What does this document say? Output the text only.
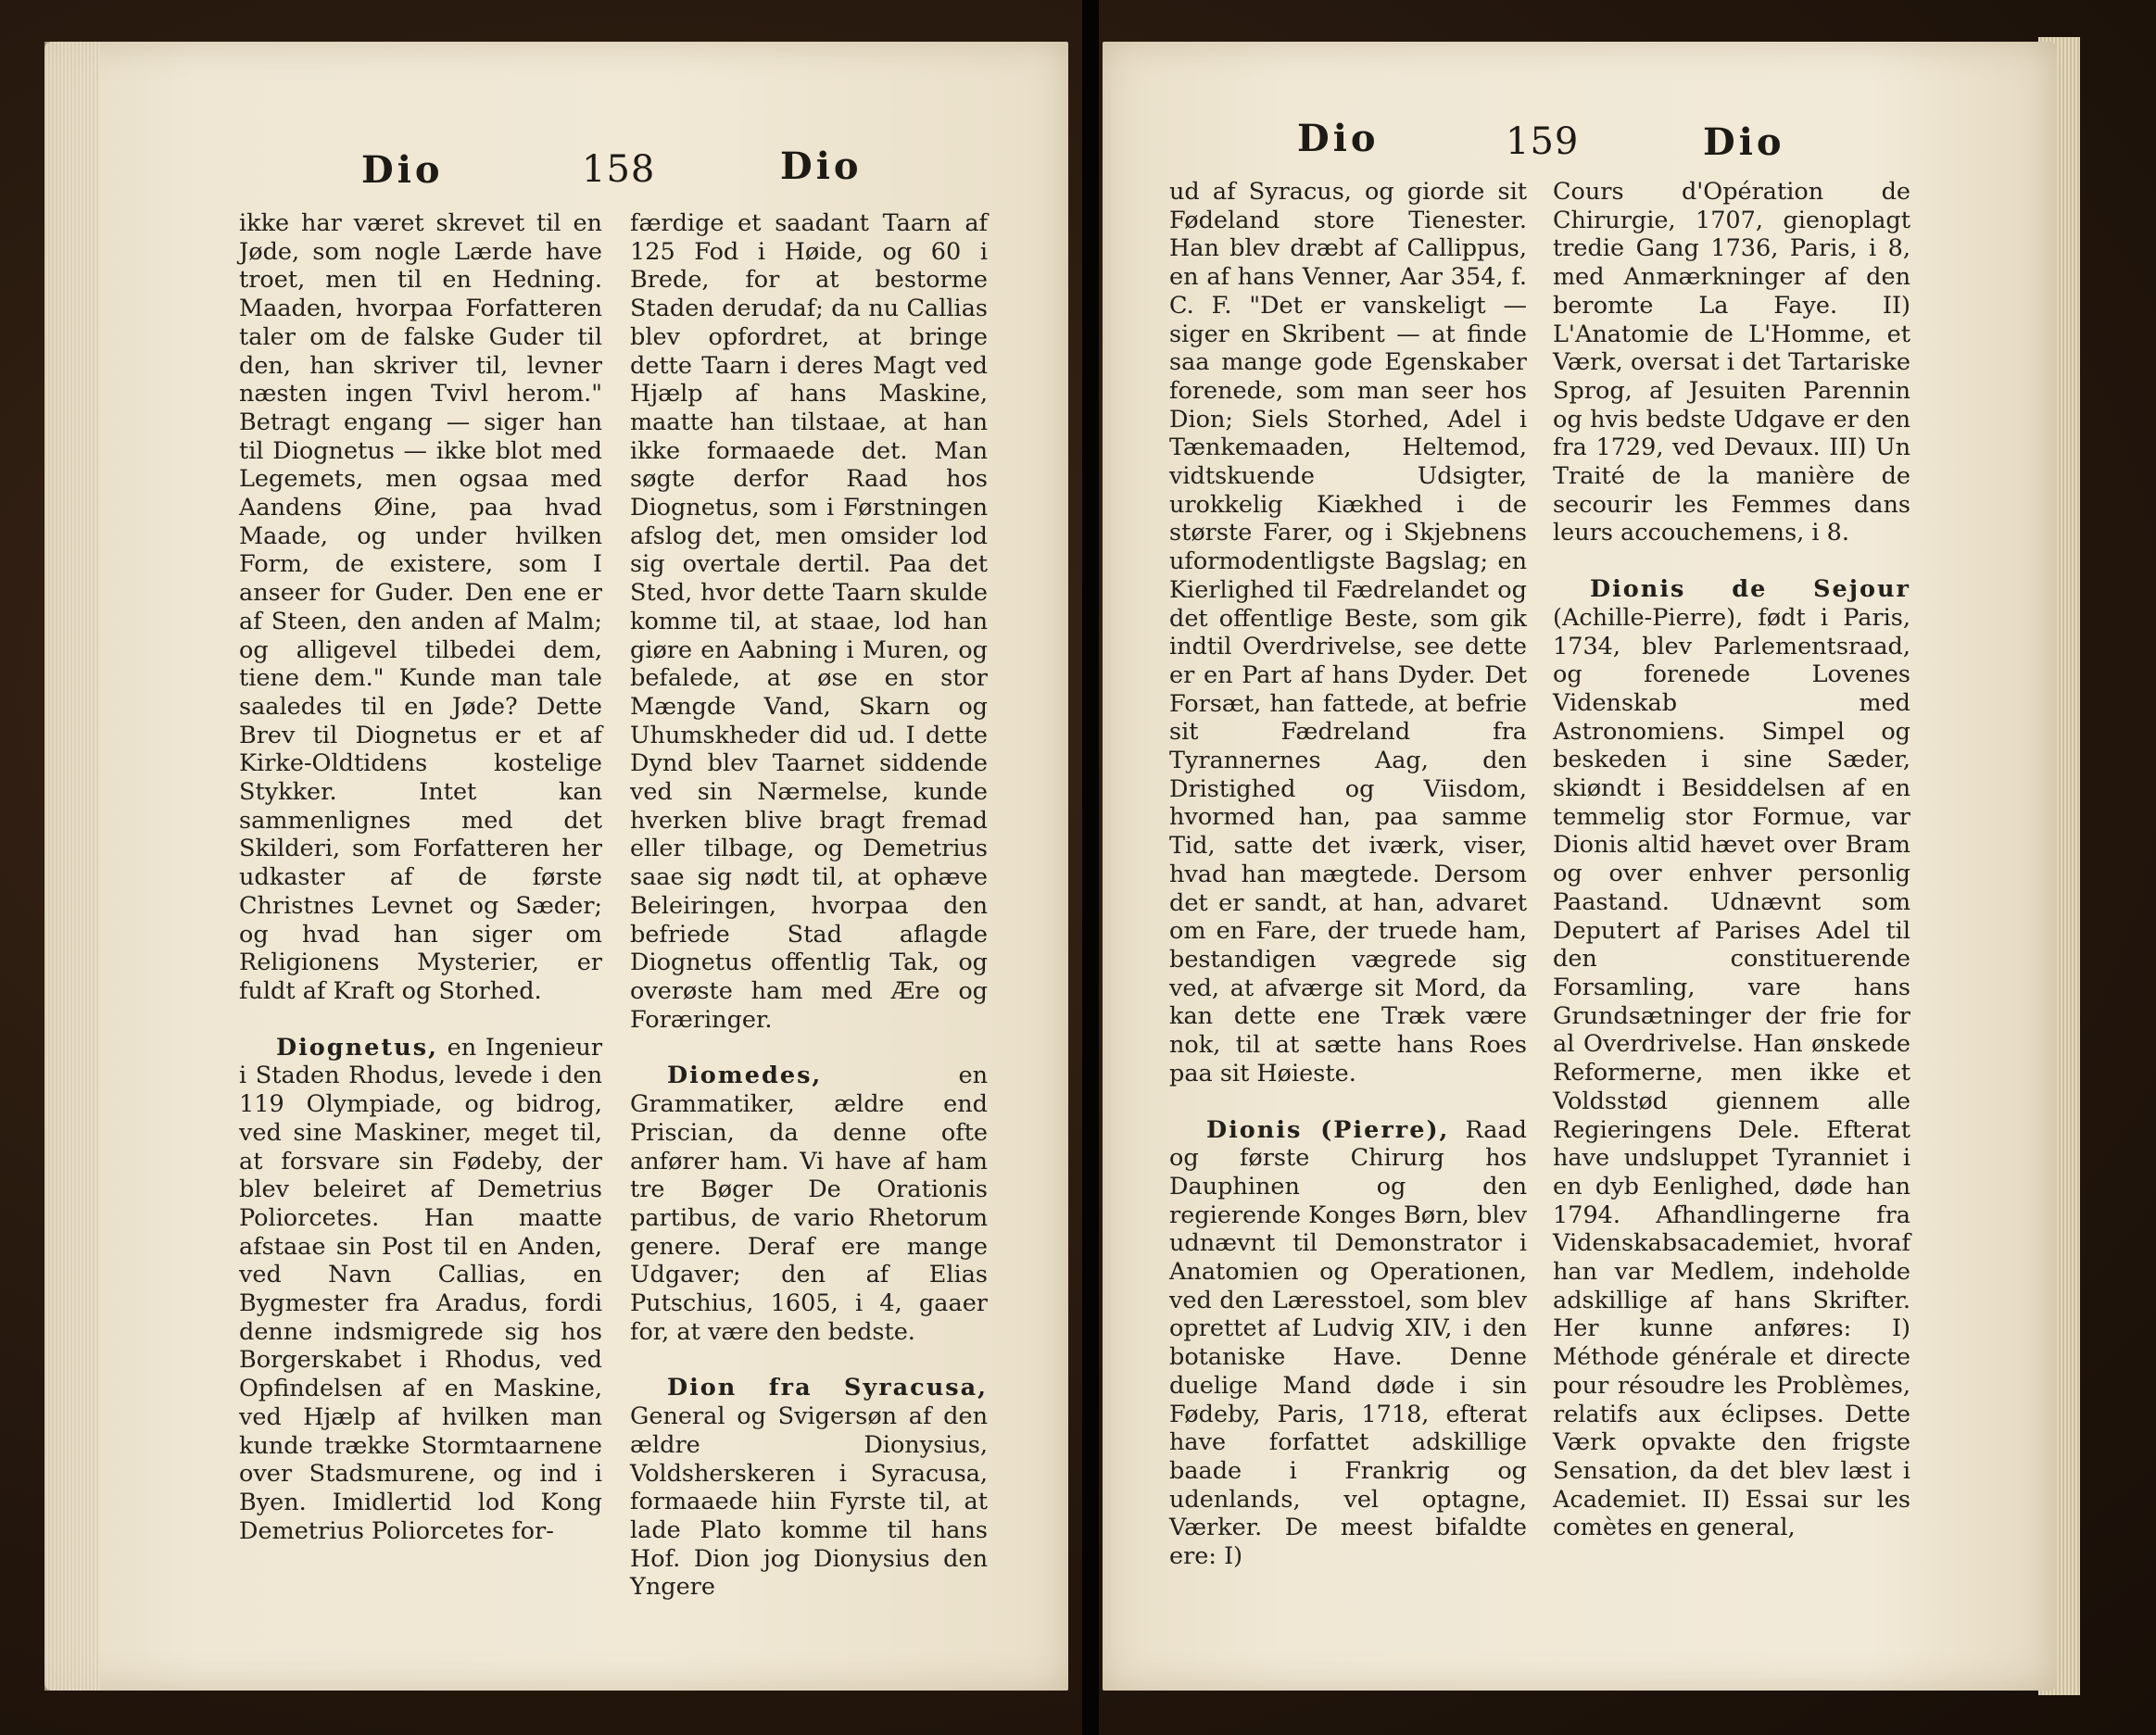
Dio	158	Dio

ikke har været skrevet til en Jøde, som nogle Lærde have troet, men til en Hedning. Maaden, hvorpaa Forfatteren taler om de falske Guder til den, han skriver til, levner næsten ingen Tvivl herom." Betragt engang — siger han til Diognetus — ikke blot med Legemets, men ogsaa med Aandens Øine, paa hvad Maade, og under hvilken Form, de existere, som I anseer for Guder. Den ene er af Steen, den anden af Malm; og alligevel tilbedei dem, tiene dem." Kunde man tale saaledes til en Jøde? Dette Brev til Diognetus er et af Kirke-Oldtidens kostelige Stykker. Intet kan sammenlignes med det Skilderi, som Forfatteren her udkaster af de første Christnes Levnet og Sæder; og hvad han siger om Religionens Mysterier, er fuldt af Kraft og Storhed.

Diognetus, en Ingenieur i Staden Rhodus, levede i den 119 Olympiade, og bidrog, ved sine Maskiner, meget til, at forsvare sin Fødeby, der blev beleiret af Demetrius Poliorcetes. Han maatte afstaae sin Post til en Anden, ved Navn Callias, en Bygmester fra Aradus, fordi denne indsmigrede sig hos Borgerskabet i Rhodus, ved Opfindelsen af en Maskine, ved Hjælp af hvilken man kunde trække Stormtaarnene over Stadsmurene, og ind i Byen. Imidlertid lod Kong Demetrius Poliorcetes for-

færdige et saadant Taarn af 125 Fod i Høide, og 60 i Brede, for at bestorme Staden derudaf; da nu Callias blev opfordret, at bringe dette Taarn i deres Magt ved Hjælp af hans Maskine, maatte han tilstaae, at han ikke formaaede det. Man søgte derfor Raad hos Diognetus, som i Førstningen afslog det, men omsider lod sig overtale dertil. Paa det Sted, hvor dette Taarn skulde komme til, at staae, lod han giøre en Aabning i Muren, og befalede, at øse en stor Mængde Vand, Skarn og Uhumskheder did ud. I dette Dynd blev Taarnet siddende ved sin Nærmelse, kunde hverken blive bragt fremad eller tilbage, og Demetrius saae sig nødt til, at ophæve Beleiringen, hvorpaa den befriede Stad aflagde Diognetus offentlig Tak, og overøste ham med Ære og Foræringer.

Diomedes,	en Grammatiker, ældre end Priscian, da denne ofte anfører ham. Vi have af ham tre Bøger De Orationis partibus, de vario Rhetorum genere. Deraf ere mange Udgaver; den af Elias Putschius, 1605, i 4, gaaer for, at være den bedste.

Dion fra Syracusa, General og Svigersøn af den ældre Dionysius, Voldsherskeren i Syracusa, formaaede hiin Fyrste til, at lade Plato komme til hans Hof. Dion jog Dionysius den Yngere

Dio	159	Dio

ud af Syracus, og giorde sit Fødeland store Tienester. Han blev dræbt af Callippus, en af hans Venner, Aar 354, f. C. F. "Det er vanskeligt — siger en Skribent — at finde saa mange gode Egenskaber forenede, som man seer hos Dion; Siels Storhed, Adel i Tænkemaaden, Heltemod, vidtskuende Udsigter, urokkelig Kiækhed i de største Farer, og i Skjebnens uformodentligste Bagslag; en Kierlighed til Fædrelandet og det offentlige Beste, som gik indtil Overdrivelse, see dette er en Part af hans Dyder. Det Forsæt, han fattede, at befrie sit Fædreland fra Tyrannernes Aag, den Dristighed og Viisdom, hvormed han, paa samme Tid, satte det iværk, viser, hvad han mægtede. Dersom det er sandt, at han, advaret om en Fare, der truede ham, bestandigen vægrede sig ved, at afværge sit Mord, da kan dette ene Træk være nok, til at sætte hans Roes paa sit Høieste.

Dionis (Pierre), Raad og første Chirurg hos Dauphinen og den regierende Konges Børn, blev udnævnt til Demonstrator i Anatomien og Operationen, ved den Læresstoel, som blev oprettet af Ludvig XIV, i den botaniske Have. Denne duelige Mand døde i sin Fødeby, Paris, 1718, efterat have forfattet adskillige baade i Frankrig og udenlands, vel optagne, Værker. De meest bifaldte ere: I)

Cours d'Opération de Chirurgie, 1707, gienoplagt tredie Gang 1736, Paris, i 8, med Anmærkninger af den beromte La Faye. II) L'Anatomie de L'Homme, et Værk, oversat i det Tartariske Sprog, af Jesuiten Parennin og hvis bedste Udgave er den fra 1729, ved Devaux. III) Un Traité de la manière de secourir les Femmes dans leurs accouchemens, i 8.

Dionis de Sejour (Achille-Pierre), født i Paris, 1734, blev Parlementsraad, og forenede Lovenes Videnskab med Astronomiens. Simpel og beskeden i sine Sæder, skiøndt i Besiddelsen af en temmelig stor Formue, var Dionis altid hævet over Bram og over enhver personlig Paastand. Udnævnt som Deputert af Parises Adel til den constituerende Forsamling, vare hans Grundsætninger der frie for al Overdrivelse. Han ønskede Reformerne, men ikke et Voldsstød giennem alle Regieringens Dele. Efterat have undsluppet Tyranniet i en dyb Eenlighed, døde han 1794. Afhandlingerne fra Videnskabsacademiet, hvoraf han var Medlem, indeholde adskillige af hans Skrifter. Her kunne anføres: I) Méthode générale et directe pour résoudre les Problèmes, relatifs aux éclipses. Dette Værk opvakte den frigste Sensation, da det blev læst i Academiet. II) Essai sur les comètes en general,
